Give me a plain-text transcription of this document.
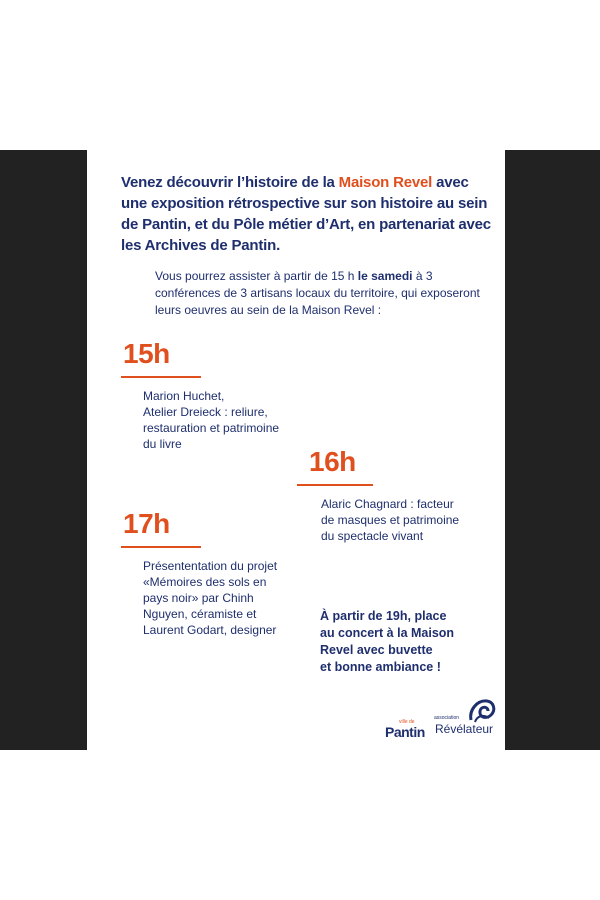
Venez découvrir l’histoire de la Maison Revel avec une exposition rétrospective sur son histoire au sein de Pantin, et du Pôle métier d’Art, en partenariat avec les Archives de Pantin.
Vous pourrez assister à partir de 15 h le samedi à 3 conférences de 3 artisans locaux du territoire, qui exposeront leurs oeuvres au sein de la Maison Revel :
15h
Marion Huchet,
Atelier Dreieck : reliure,
restauration et patrimoine
du livre
16h
Alaric Chagnard : facteur
de masques et patrimoine
du spectacle vivant
17h
Présententation du projet
«Mémoires des sols en
pays noir» par Chinh
Nguyen, céramiste et
Laurent Godart, designer
À partir de 19h, place
au concert à la Maison
Revel avec buvette
et bonne ambiance !
ville de
Pantin
association
Révélateur
